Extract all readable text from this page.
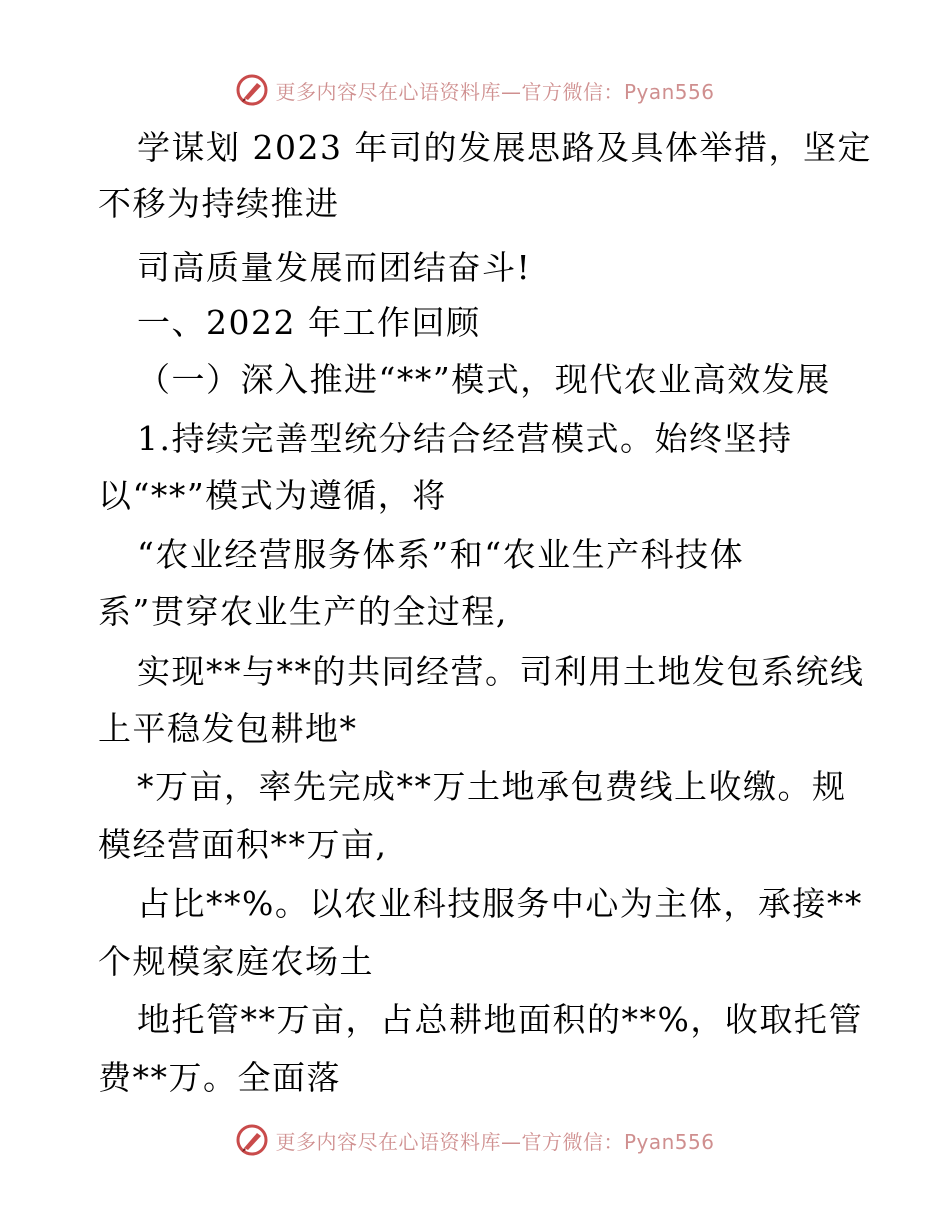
更多内容尽在心语资料库—官方微信：Pyan556
学谋划 2023 年司的发展思路及具体举措，坚定
不移为持续推进
司高质量发展而团结奋斗!
一、2022 年工作回顾
（一）深入推进“**”模式，现代农业高效发展
1.持续完善型统分结合经营模式。始终坚持
以“**”模式为遵循，将
“农业经营服务体系”和“农业生产科技体
系”贯穿农业生产的全过程,
实现**与**的共同经营。司利用土地发包系统线
上平稳发包耕地*
*万亩，率先完成**万土地承包费线上收缴。规
模经营面积**万亩,
占比**%。以农业科技服务中心为主体，承接**
个规模家庭农场土
地托管**万亩，占总耕地面积的**%，收取托管
费**万。全面落
更多内容尽在心语资料库—官方微信：Pyan556
